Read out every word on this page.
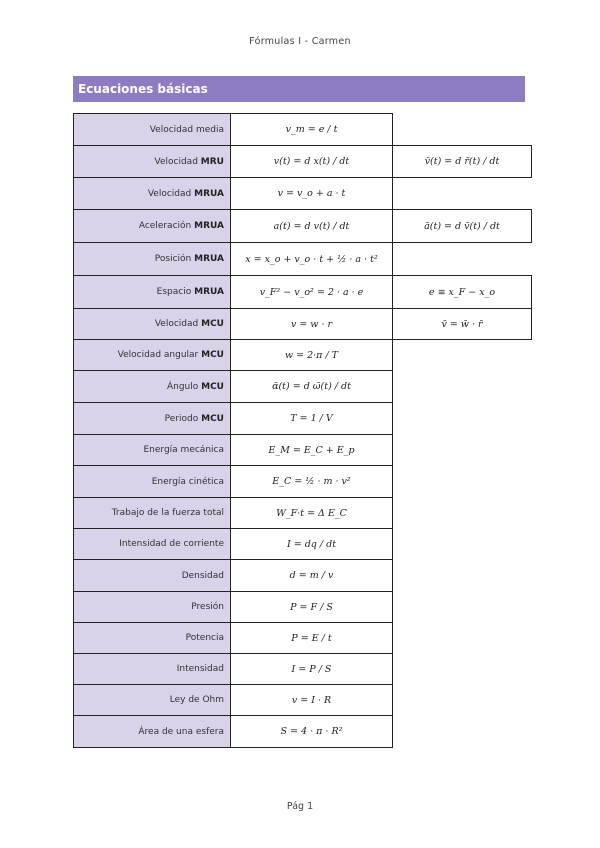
Fórmulas I - Carmen
Ecuaciones básicas
Velocidad media	v_m = e / t	
Velocidad MRU	v(t) = d x(t) / dt	v̄(t) = d r̄(t) / dt
Velocidad MRUA	v = v_o + a · t	
Aceleración MRUA	a(t) = d v(t) / dt	ā(t) = d v̄(t) / dt
Posición MRUA	x = x_o + v_o · t + ½ · a · t²	
Espacio MRUA	v_F² − v_o² = 2 · a · e	e ≡ x_F − x_o
Velocidad MCU	v = w · r	v̄ = w̄ · r̄
Velocidad angular MCU	w = 2·π / T	
Ángulo MCU	ᾱ(t) = d ω̄(t) / dt	
Periodo MCU	T = 1 / V	
Energía mecánica	E_M = E_C + E_p	
Energía cinética	E_C = ½ · m · v²	
Trabajo de la fuerza total	W_F·t = Δ E_C	
Intensidad de corriente	I = dq / dt	
Densidad	d = m / v	
Presión	P = F / S	
Potencia	P = E / t	
Intensidad	I = P / S	
Ley de Ohm	v = I · R	
Área de una esfera	S = 4 · π · R²	
Pág 1
